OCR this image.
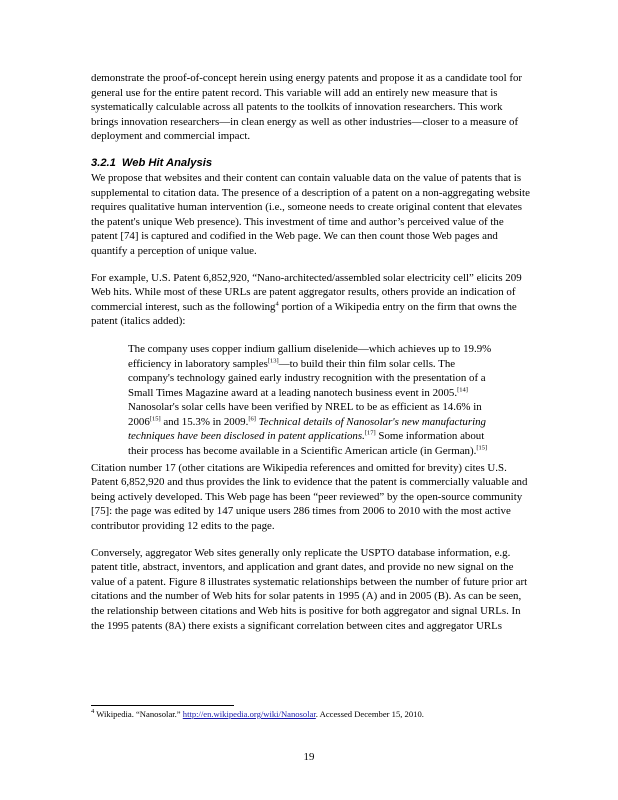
demonstrate the proof-of-concept herein using energy patents and propose it as a candidate tool for general use for the entire patent record. This variable will add an entirely new measure that is systematically calculable across all patents to the toolkits of innovation researchers. This work brings innovation researchers—in clean energy as well as other industries—closer to a measure of deployment and commercial impact.

3.2.1 Web Hit Analysis

We propose that websites and their content can contain valuable data on the value of patents that is supplemental to citation data. The presence of a description of a patent on a non-aggregating website requires qualitative human intervention (i.e., someone needs to create original content that elevates the patent's unique Web presence). This investment of time and author’s perceived value of the patent [74] is captured and codified in the Web page. We can then count those Web pages and quantify a perception of unique value.

For example, U.S. Patent 6,852,920, “Nano-architected/assembled solar electricity cell” elicits 209 Web hits. While most of these URLs are patent aggregator results, others provide an indication of commercial interest, such as the following$^4$ portion of a Wikipedia entry on the firm that owns the patent (italics added):

The company uses copper indium gallium diselenide—which achieves up to 19.9% efficiency in laboratory samples[13]—to build their thin film solar cells. The company's technology gained early industry recognition with the presentation of a Small Times Magazine award at a leading nanotech business event in 2005.[14] Nanosolar's solar cells have been verified by NREL to be as efficient as 14.6% in 2006[15] and 15.3% in 2009.[6] Technical details of Nanosolar's new manufacturing techniques have been disclosed in patent applications.[17] Some information about their process has become available in a Scientific American article (in German).[15]

Citation number 17 (other citations are Wikipedia references and omitted for brevity) cites U.S. Patent 6,852,920 and thus provides the link to evidence that the patent is commercially valuable and being actively developed. This Web page has been “peer reviewed” by the open-source community [75]: the page was edited by 147 unique users 286 times from 2006 to 2010 with the most active contributor providing 12 edits to the page.

Conversely, aggregator Web sites generally only replicate the USPTO database information, e.g. patent title, abstract, inventors, and application and grant dates, and provide no new signal on the value of a patent. Figure 8 illustrates systematic relationships between the number of future prior art citations and the number of Web hits for solar patents in 1995 (A) and in 2005 (B). As can be seen, the relationship between citations and Web hits is positive for both aggregator and signal URLs. In the 1995 patents (8A) there exists a significant correlation between cites and aggregator URLs

$^4$ Wikipedia. “Nanosolar.” http://en.wikipedia.org/wiki/Nanosolar. Accessed December 15, 2010.
19
